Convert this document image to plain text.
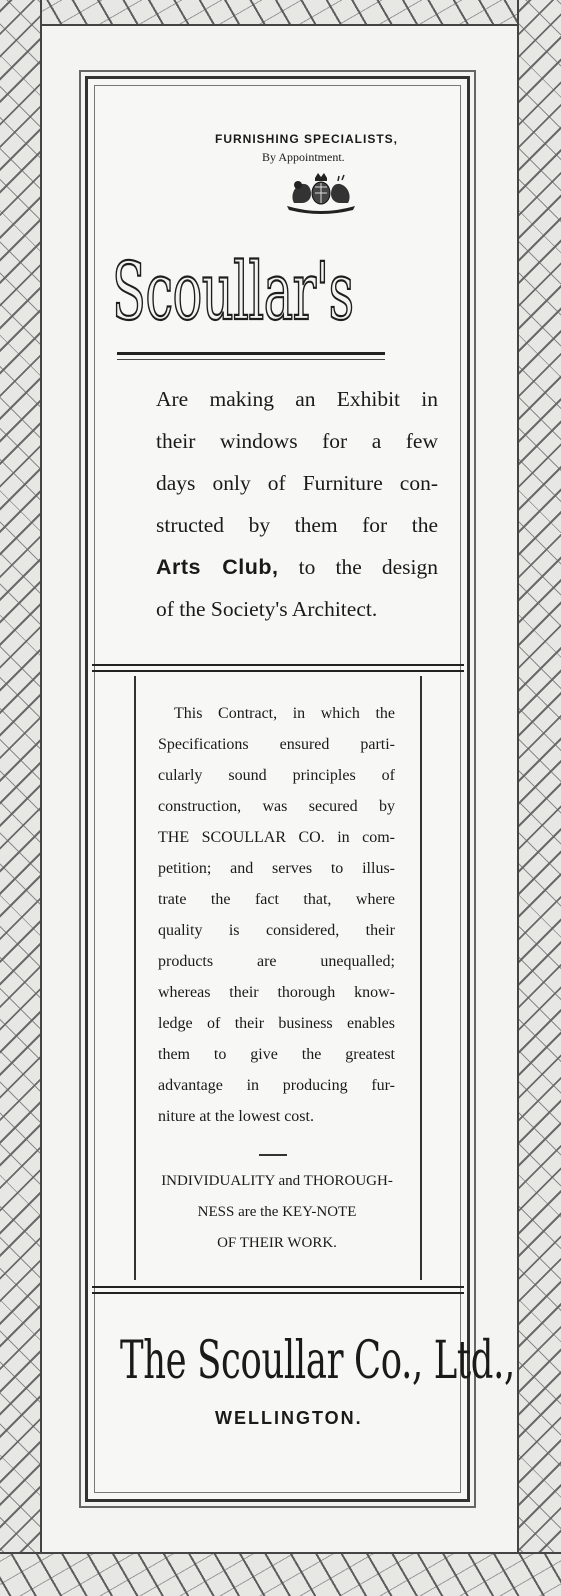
FURNISHING SPECIALISTS,
By Appointment.
Scoullar's
Are making an Exhibit in
their windows for a few
days only of Furniture con-
structed by them for the
Arts Club, to the design
of the Society's Architect.
This Contract, in which the
Specifications ensured parti-
cularly sound principles of
construction, was secured by
THE SCOULLAR CO. in com-
petition; and serves to illus-
trate the fact that, where
quality is considered, their
products are unequalled;
whereas their thorough know-
ledge of their business enables
them to give the greatest
advantage in producing fur-
niture at the lowest cost.
INDIVIDUALITY and THOROUGH-
NESS are the KEY-NOTE
OF THEIR WORK.
The Scoullar Co., Ltd.,
WELLINGTON.
